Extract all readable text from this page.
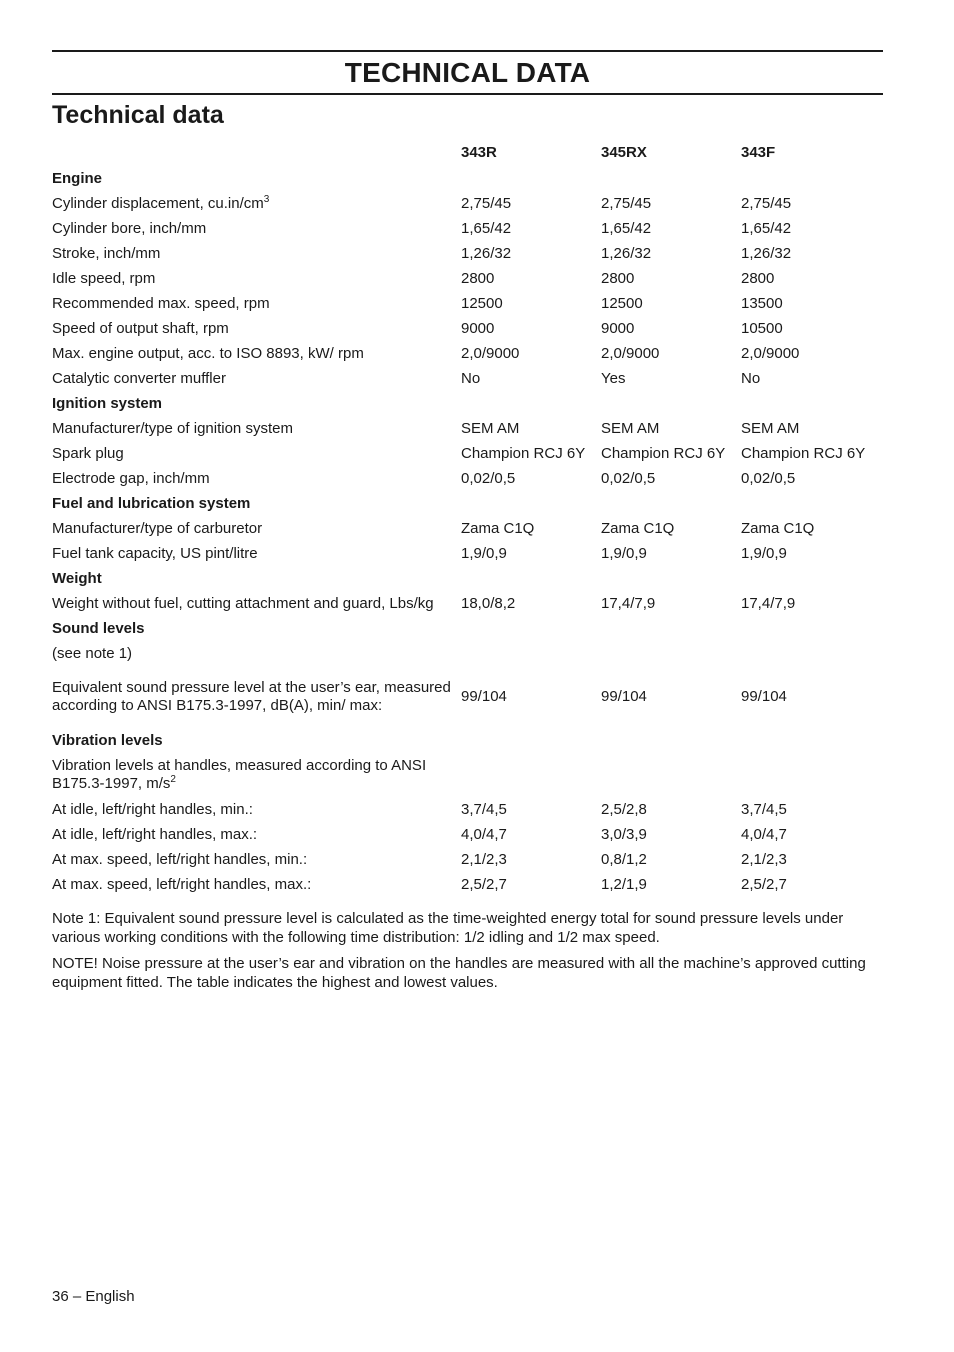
TECHNICAL DATA
Technical data
	343R	345RX	343F
Engine			
Cylinder displacement, $cu.in/cm^3$	2,75/45	2,75/45	2,75/45
Cylinder bore, inch/mm	1,65/42	1,65/42	1,65/42
Stroke, inch/mm	1,26/32	1,26/32	1,26/32
Idle speed, rpm	2800	2800	2800
Recommended max. speed, rpm	12500	12500	13500
Speed of output shaft, rpm	9000	9000	10500
Max. engine output, acc. to ISO 8893, kW/ rpm	2,0/9000	2,0/9000	2,0/9000
Catalytic converter muffler	No	Yes	No
Ignition system			
Manufacturer/type of ignition system	SEM AM	SEM AM	SEM AM
Spark plug	Champion RCJ 6Y	Champion RCJ 6Y	Champion RCJ 6Y
Electrode gap, inch/mm	0,02/0,5	0,02/0,5	0,02/0,5
Fuel and lubrication system			
Manufacturer/type of carburetor	Zama C1Q	Zama C1Q	Zama C1Q
Fuel tank capacity, US pint/litre	1,9/0,9	1,9/0,9	1,9/0,9
Weight			
Weight without fuel, cutting attachment and guard, Lbs/kg	18,0/8,2	17,4/7,9	17,4/7,9
Sound levels			
(see note 1)			
Equivalent sound pressure level at the user’s ear, measured according to ANSI B175.3-1997, dB(A), min/ max:	99/104	99/104	99/104
Vibration levels			
Vibration levels at handles, measured according to ANSI B175.3-1997, $m/s^2$			
At idle, left/right handles, min.:	3,7/4,5	2,5/2,8	3,7/4,5
At idle, left/right handles, max.:	4,0/4,7	3,0/3,9	4,0/4,7
At max. speed, left/right handles, min.:	2,1/2,3	0,8/1,2	2,1/2,3
At max. speed, left/right handles, max.:	2,5/2,7	1,2/1,9	2,5/2,7
Note 1: Equivalent sound pressure level is calculated as the time-weighted energy total for sound pressure levels under various working conditions with the following time distribution: 1/2 idling and 1/2 max speed.
NOTE! Noise pressure at the user’s ear and vibration on the handles are measured with all the machine’s approved cutting equipment fitted. The table indicates the highest and lowest values.
36 – English
